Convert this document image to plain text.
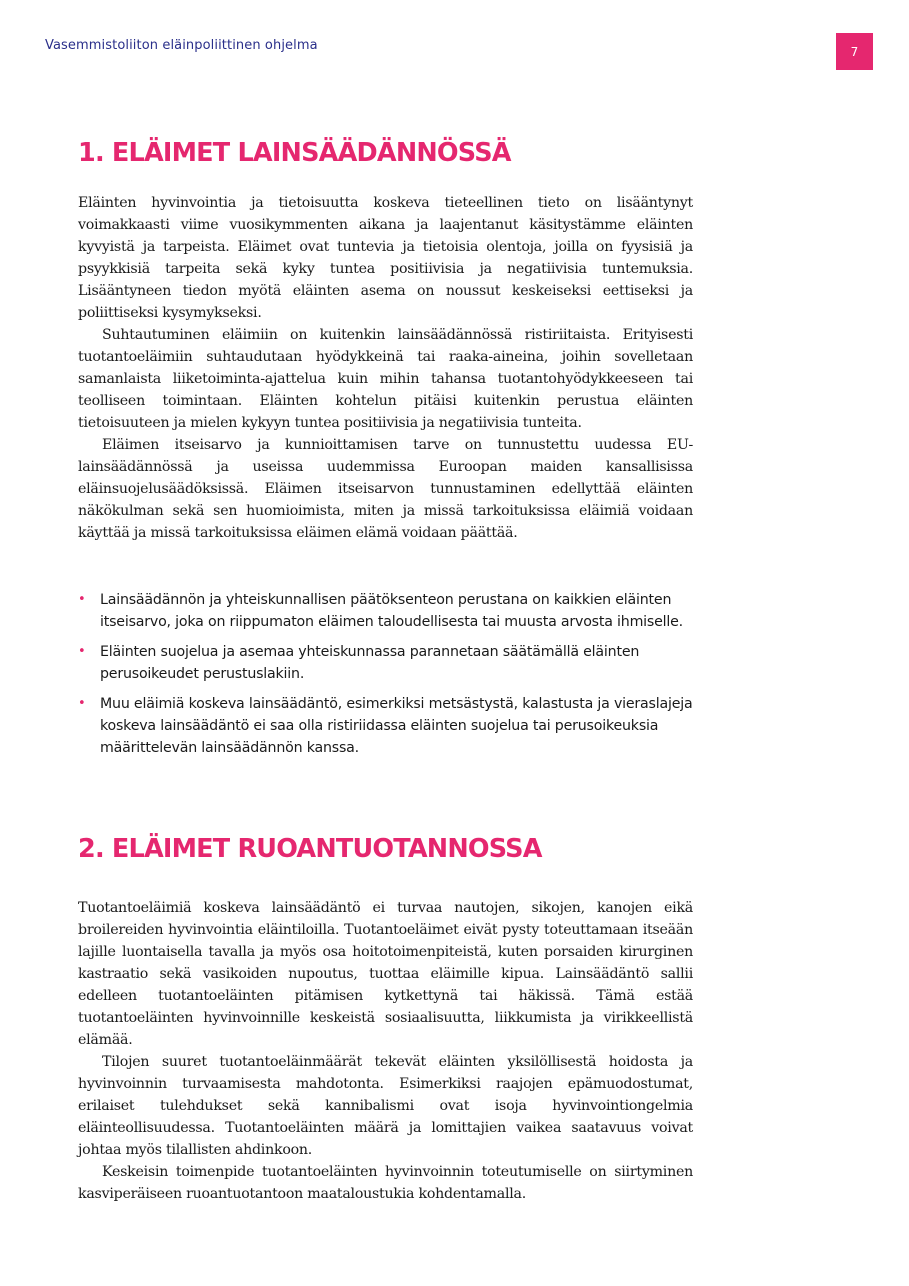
Vasemmistoliiton eläinpoliittinen ohjelma	7
1. ELÄIMET LAINSÄÄDÄNNÖSSÄ

Eläinten hyvinvointia ja tietoisuutta koskeva tieteellinen tieto on lisääntynyt voimakkaasti viime vuosikymmenten aikana ja laajentanut käsitystämme eläinten kyvyistä ja tarpeista. Eläimet ovat tuntevia ja tietoisia olentoja, joilla on fyysisiä ja psyykkisiä tarpeita sekä kyky tuntea positiivisia ja negatiivisia tuntemuksia. Lisääntyneen tiedon myötä eläinten asema on noussut keskeiseksi eettiseksi ja poliittiseksi kysymykseksi.

Suhtautuminen eläimiin on kuitenkin lainsäädännössä ristiriitaista. Erityisesti tuotantoeläimiin suhtaudutaan hyödykkeinä tai raaka-aineina, joihin sovelletaan samanlaista liiketoiminta-ajattelua kuin mihin tahansa tuotantohyödykkeeseen tai teolliseen toimintaan. Eläinten kohtelun pitäisi kuitenkin perustua eläinten tietoisuuteen ja mielen kykyyn tuntea positiivisia ja negatiivisia tunteita.

Eläimen itseisarvo ja kunnioittamisen tarve on tunnustettu uudessa EU-lainsäädännössä ja useissa uudemmissa Euroopan maiden kansallisissa eläinsuojelusäädöksissä. Eläimen itseisarvon tunnustaminen edellyttää eläinten näkökulman sekä sen huomioimista, miten ja missä tarkoituksissa eläimiä voidaan käyttää ja missä tarkoituksissa eläimen elämä voidaan päättää.

• Lainsäädännön ja yhteiskunnallisen päätöksenteon perustana on kaikkien eläinten itseisarvo, joka on riippumaton eläimen taloudellisesta tai muusta arvosta ihmiselle.
• Eläinten suojelua ja asemaa yhteiskunnassa parannetaan säätämällä eläinten perusoikeudet perustuslakiin.
• Muu eläimiä koskeva lainsäädäntö, esimerkiksi metsästystä, kalastusta ja vieraslajeja koskeva lainsäädäntö ei saa olla ristiriidassa eläinten suojelua tai perusoikeuksia määrittelevän lainsäädännön kanssa.
2. ELÄIMET RUOANTUOTANNOSSA

Tuotantoeläimiä koskeva lainsäädäntö ei turvaa nautojen, sikojen, kanojen eikä broilereiden hyvinvointia eläintiloilla. Tuotantoeläimet eivät pysty toteuttamaan itseään lajille luontaisella tavalla ja myös osa hoitotoimenpiteistä, kuten porsaiden kirurginen kastraatio sekä vasikoiden nupoutus, tuottaa eläimille kipua. Lainsäädäntö sallii edelleen tuotantoeläinten pitämisen kytkettynä tai häkissä. Tämä estää tuotantoeläinten hyvinvoinnille keskeistä sosiaalisuutta, liikkumista ja virikkeellistä elämää.

Tilojen suuret tuotantoeläinmäärät tekevät eläinten yksilöllisestä hoidosta ja hyvinvoinnin turvaamisesta mahdotonta. Esimerkiksi raajojen epämuodostumat, erilaiset tulehdukset sekä kannibalismi ovat isoja hyvinvointiongelmia eläinteollisuudessa. Tuotantoeläinten määrä ja lomittajien vaikea saatavuus voivat johtaa myös tilallisten ahdinkoon.

Keskeisin toimenpide tuotantoeläinten hyvinvoinnin toteutumiselle on siirtyminen kasviperäiseen ruoantuotantoon maataloustukia kohdentamalla.
